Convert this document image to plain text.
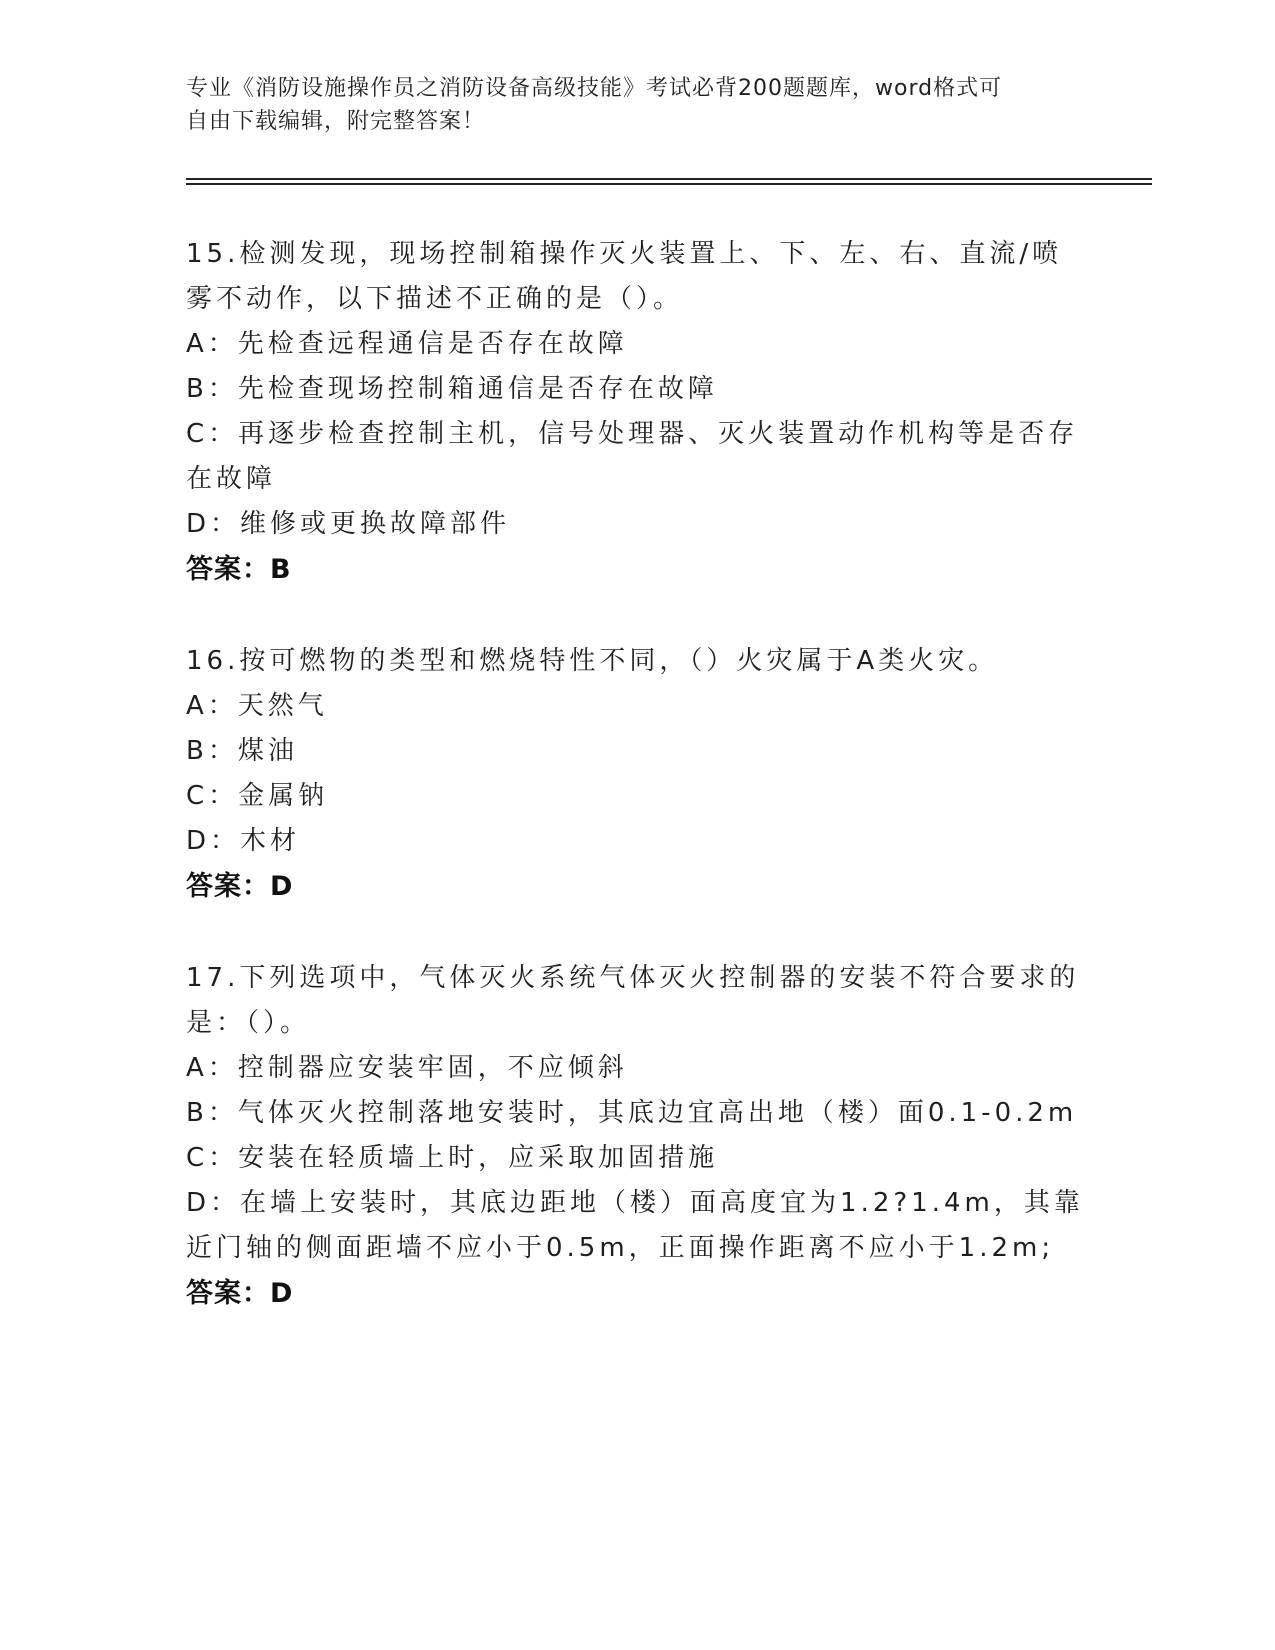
专业《消防设施操作员之消防设备高级技能》考试必背200题题库，word格式可
自由下载编辑，附完整答案！
15.检测发现，现场控制箱操作灭火装置上、下、左、右、直流/喷雾不动作，以下描述不正确的是（）。
A：先检查远程通信是否存在故障
B：先检查现场控制箱通信是否存在故障
C：再逐步检查控制主机，信号处理器、灭火装置动作机构等是否存在故障
D：维修或更换故障部件
答案：B
16.按可燃物的类型和燃烧特性不同，（）火灾属于A类火灾。
A：天然气
B：煤油
C：金属钠
D：木材
答案：D
17.下列选项中，气体灭火系统气体灭火控制器的安装不符合要求的是：（）。
A：控制器应安装牢固，不应倾斜
B：气体灭火控制落地安装时，其底边宜高出地（楼）面0.1-0.2m
C：安装在轻质墙上时，应采取加固措施
D：在墙上安装时，其底边距地（楼）面高度宜为1.2?1.4m，其靠近门轴的侧面距墙不应小于0.5m，正面操作距离不应小于1.2m;
答案：D
